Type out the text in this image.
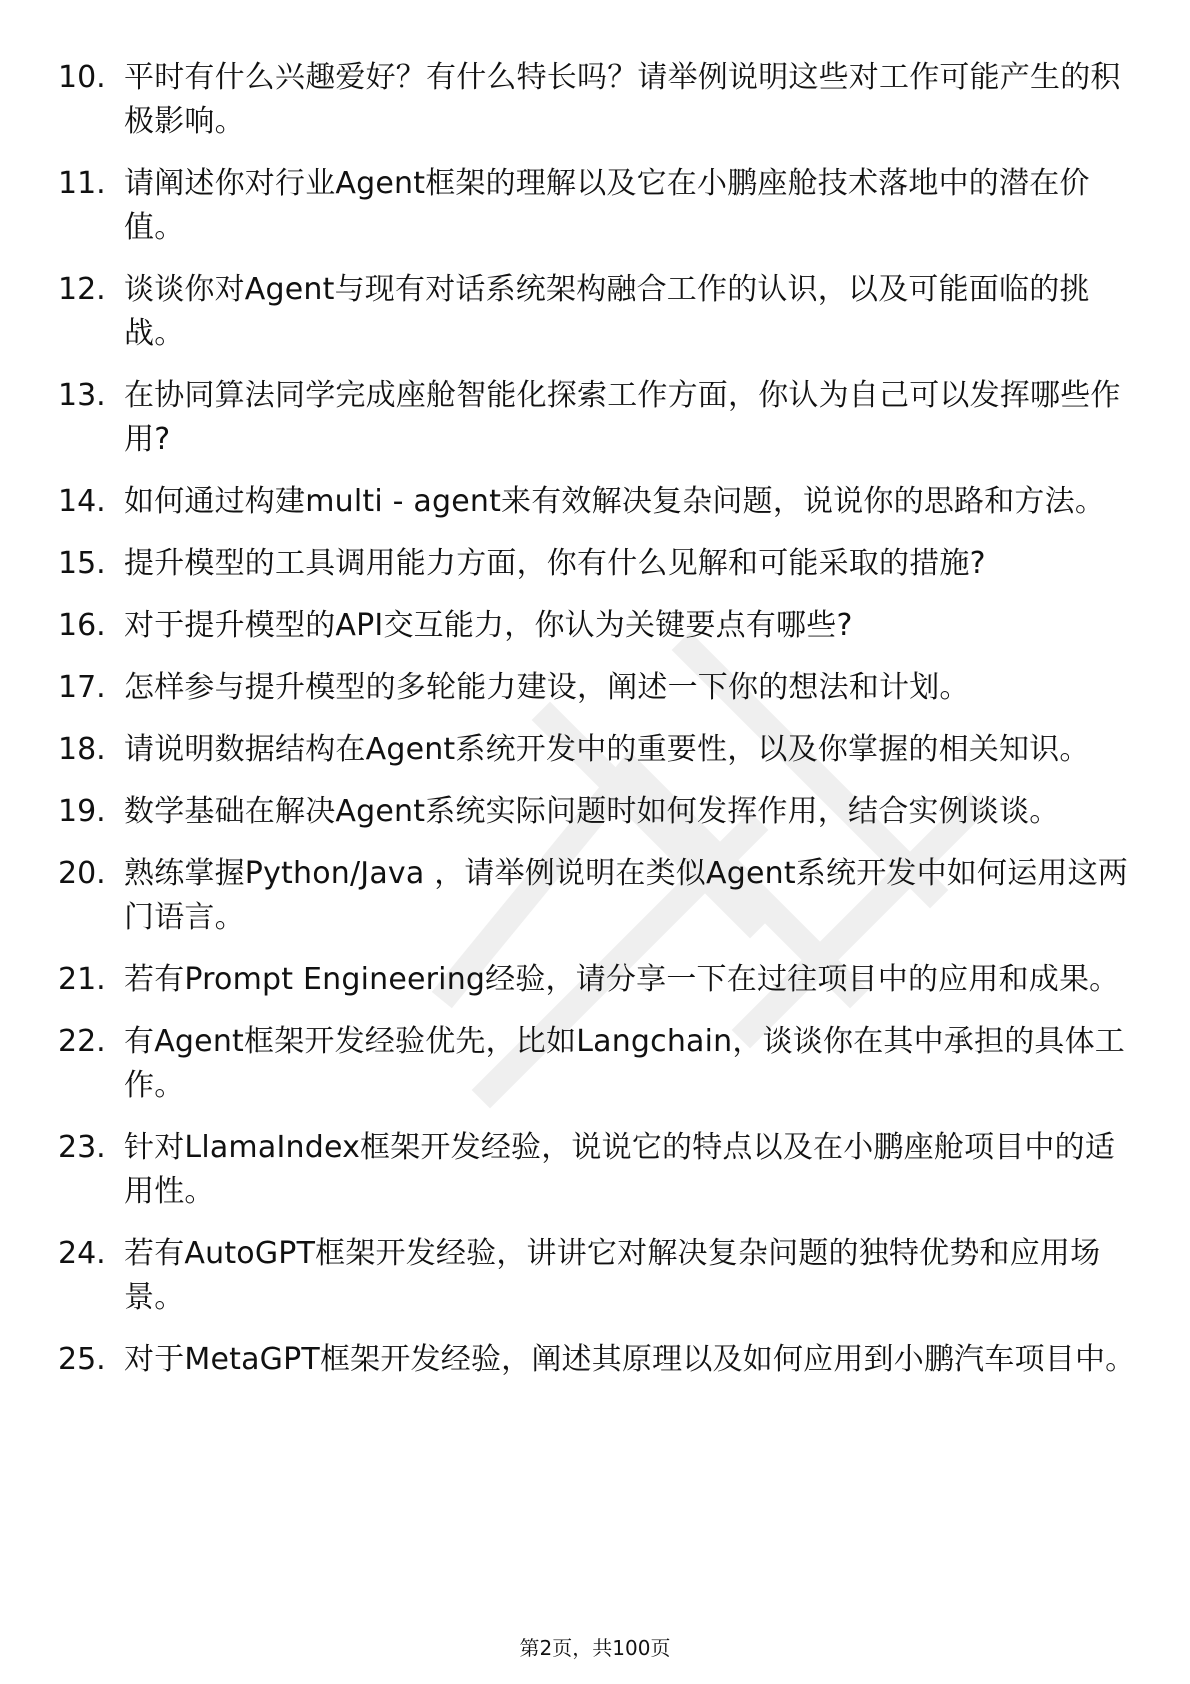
10. 平时有什么兴趣爱好？有什么特长吗？请举例说明这些对工作可能产生的积极影响。
11. 请阐述你对行业Agent框架的理解以及它在小鹏座舱技术落地中的潜在价值。
12. 谈谈你对Agent与现有对话系统架构融合工作的认识，以及可能面临的挑战。
13. 在协同算法同学完成座舱智能化探索工作方面，你认为自己可以发挥哪些作用?
14. 如何通过构建multi - agent来有效解决复杂问题，说说你的思路和方法。
15. 提升模型的工具调用能力方面，你有什么见解和可能采取的措施?
16. 对于提升模型的API交互能力，你认为关键要点有哪些?
17. 怎样参与提升模型的多轮能力建设，阐述一下你的想法和计划。
18. 请说明数据结构在Agent系统开发中的重要性，以及你掌握的相关知识。
19. 数学基础在解决Agent系统实际问题时如何发挥作用，结合实例谈谈。
20. 熟练掌握Python/Java ，请举例说明在类似Agent系统开发中如何运用这两门语言。
21. 若有Prompt Engineering经验，请分享一下在过往项目中的应用和成果。
22. 有Agent框架开发经验优先，比如Langchain，谈谈你在其中承担的具体工作。
23. 针对LlamaIndex框架开发经验，说说它的特点以及在小鹏座舱项目中的适用性。
24. 若有AutoGPT框架开发经验，讲讲它对解决复杂问题的独特优势和应用场景。
25. 对于MetaGPT框架开发经验，阐述其原理以及如何应用到小鹏汽车项目中。
第2页，共100页
